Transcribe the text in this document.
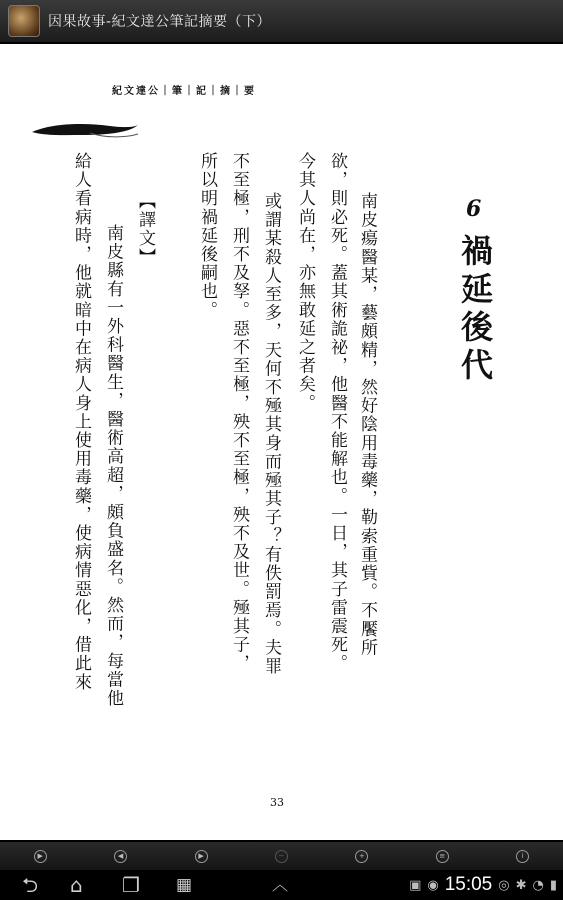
因果故事-紀文達公筆記摘要（下）
紀文達公｜筆｜記｜摘｜要
6
禍延後代
南皮瘍醫某，藝頗精，然好陰用毒藥，勒索重貲。不饜所
欲，則必死。蓋其術詭祕，他醫不能解也。一日，其子雷震死。
今其人尚在，亦無敢延之者矣。
或謂某殺人至多，天何不殛其身而殛其子？有佚罰焉。夫罪
不至極，刑不及孥。惡不至極，殃不至極，殃不及世。殛其子，
所以明禍延後嗣也。
【譯文】
南皮縣有一外科醫生，醫術高超，頗負盛名。然而，每當他
給人看病時，他就暗中在病人身上使用毒藥，使病情惡化，借此來
33
▶	◀	▶	−	+	≡	i
⮌ ⌂ ❐ ▦	︿	▣ ◉ 15:05 ◎ ✱ ◔ ▮
